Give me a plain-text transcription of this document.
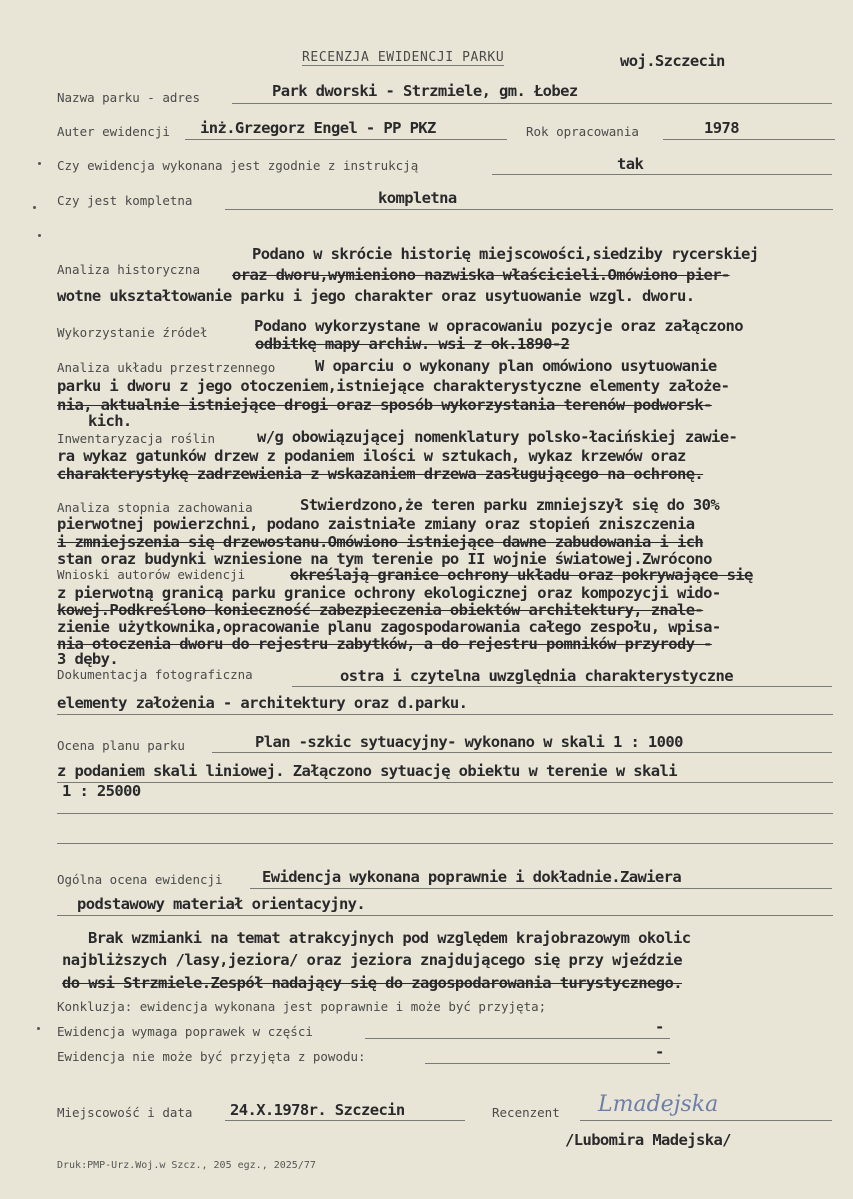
RECENZJA EWIDENCJI PARKU	woj.Szczecin
Nazwa parku - adres	Park dworski - Strzmiele, gm. Łobez
Auter ewidencji inż.Grzegorz Engel - PP PKZ	Rok opracowania	1978
Czy ewidencja wykonana jest zgodnie z instrukcją	tak
Czy jest kompletna	kompletna
Analiza historyczna
Podano w skrócie historię miejscowości,siedziby rycerskiej
oraz dworu,wymieniono nazwiska właścicieli.Omówiono pier-
wotne ukształtowanie parku i jego charakter oraz usytuowanie wzgl. dworu.
Wykorzystanie źródeł	Podano wykorzystane w opracowaniu pozycje oraz załączono
odbitkę mapy archiw. wsi z ok.1890-2
Analiza układu przestrzennego	W oparciu o wykonany plan omówiono usytuowanie
parku i dworu z jego otoczeniem,istniejące charakterystyczne elementy założe-
nia, aktualnie istniejące drogi oraz sposób wykorzystania terenów podworsk-
kich.
Inwentaryzacja roślin	w/g obowiązującej nomenklatury polsko-łacińskiej zawie-
ra wykaz gatunków drzew z podaniem ilości w sztukach, wykaz krzewów oraz
charakterystykę zadrzewienia z wskazaniem drzewa zasługującego na ochronę.
Analiza stopnia zachowania	Stwierdzono,że teren parku zmniejszył się do 30%
pierwotnej powierzchni, podano zaistniałe zmiany oraz stopień zniszczenia
i zmniejszenia się drzewostanu.Omówiono istniejące dawne zabudowania i ich
stan oraz budynki wzniesione na tym terenie po II wojnie światowej.Zwrócono
Wnioski autorów ewidencji	określają granice ochrony układu oraz pokrywające się
z pierwotną granicą parku granice ochrony ekologicznej oraz kompozycji wido-
kowej.Podkreślono konieczność zabezpieczenia obiektów architektury, znale-
zienie użytkownika,opracowanie planu zagospodarowania całego zespołu, wpisa-
nia otoczenia dworu do rejestru zabytków, a do rejestru pomników przyrody -
3 dęby.
Dokumentacja fotograficzna	ostra i czytelna uwzględnia charakterystyczne
elementy założenia - architektury oraz d.parku.
Ocena planu parku	Plan -szkic sytuacyjny- wykonano w skali 1 : 1000
z podaniem skali liniowej. Załączono sytuację obiektu w terenie w skali
1 : 25000
Ogólna ocena ewidencji	Ewidencja wykonana poprawnie i dokładnie.Zawiera
podstawowy materiał orientacyjny.
Brak wzmianki na temat atrakcyjnych pod względem krajobrazowym okolic
najbliższych /lasy,jeziora/ oraz jeziora znajdującego się przy wjeździe
do wsi Strzmiele.Zespół nadający się do zagospodarowania turystycznego.
Konkluzja: ewidencja wykonana jest poprawnie i może być przyjęta;
Ewidencja wymaga poprawek w części	-
Ewidencja nie może być przyjęta z powodu:	-
Miejscowość i data 24.X.1978r. Szczecin	Recenzent Lmadejska
/Lubomira Madejska/
Druk:PMP-Urz.Woj.w Szcz., 205 egz., 2025/77
